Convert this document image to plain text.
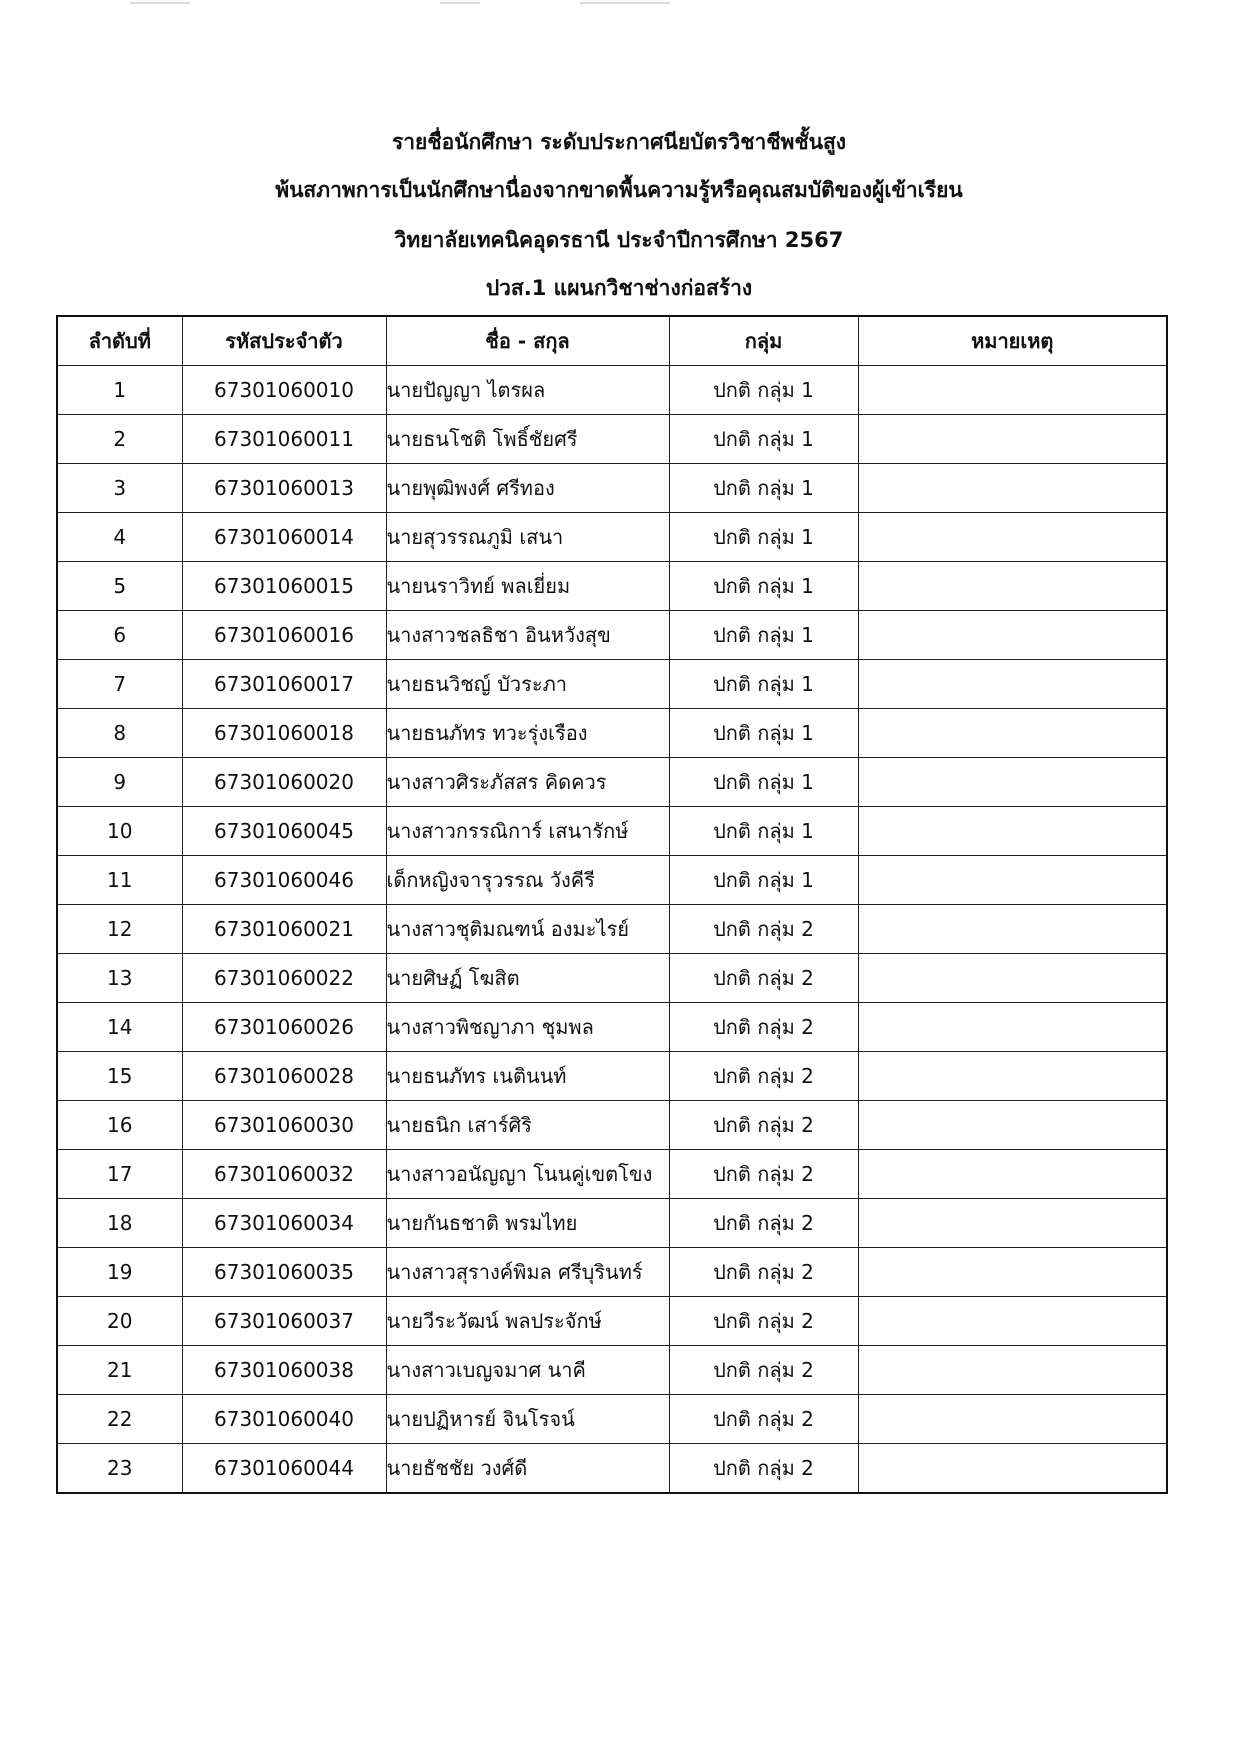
รายชื่อนักศึกษา ระดับประกาศนียบัตรวิชาชีพชั้นสูง
พ้นสภาพการเป็นนักศึกษานื่องจากขาดพื้นความรู้หรือคุณสมบัติของผู้เข้าเรียน
วิทยาลัยเทคนิคอุดรธานี ประจำปีการศึกษา 2567
ปวส.1 แผนกวิชาช่างก่อสร้าง
ลำดับที่	รหัสประจำตัว	ชื่อ - สกุล	กลุ่ม	หมายเหตุ
1	67301060010	นายปัญญา ไตรผล	ปกติ กลุ่ม 1	
2	67301060011	นายธนโชติ โพธิ์ชัยศรี	ปกติ กลุ่ม 1	
3	67301060013	นายพุฒิพงศ์ ศรีทอง	ปกติ กลุ่ม 1	
4	67301060014	นายสุวรรณภูมิ เสนา	ปกติ กลุ่ม 1	
5	67301060015	นายนราวิทย์ พลเยี่ยม	ปกติ กลุ่ม 1	
6	67301060016	นางสาวชลธิชา อินหวังสุข	ปกติ กลุ่ม 1	
7	67301060017	นายธนวิชญ์ บัวระภา	ปกติ กลุ่ม 1	
8	67301060018	นายธนภัทร ทวะรุ่งเรือง	ปกติ กลุ่ม 1	
9	67301060020	นางสาวศิระภัสสร คิดควร	ปกติ กลุ่ม 1	
10	67301060045	นางสาวกรรณิการ์ เสนารักษ์	ปกติ กลุ่ม 1	
11	67301060046	เด็กหญิงจารุวรรณ วังคีรี	ปกติ กลุ่ม 1	
12	67301060021	นางสาวชุติมณฑน์ องมะไรย์	ปกติ กลุ่ม 2	
13	67301060022	นายศิษฏ์ โฆสิต	ปกติ กลุ่ม 2	
14	67301060026	นางสาวพิชญาภา ชุมพล	ปกติ กลุ่ม 2	
15	67301060028	นายธนภัทร เนตินนท์	ปกติ กลุ่ม 2	
16	67301060030	นายธนิก เสาร์ศิริ	ปกติ กลุ่ม 2	
17	67301060032	นางสาวอนัญญา โนนคู่เขตโขง	ปกติ กลุ่ม 2	
18	67301060034	นายกันธชาติ พรมไทย	ปกติ กลุ่ม 2	
19	67301060035	นางสาวสุรางค์พิมล ศรีบุรินทร์	ปกติ กลุ่ม 2	
20	67301060037	นายวีระวัฒน์ พลประจักษ์	ปกติ กลุ่ม 2	
21	67301060038	นางสาวเบญจมาศ นาคี	ปกติ กลุ่ม 2	
22	67301060040	นายปฏิหารย์ จินโรจน์	ปกติ กลุ่ม 2	
23	67301060044	นายธัชชัย วงศ์ดี	ปกติ กลุ่ม 2	
